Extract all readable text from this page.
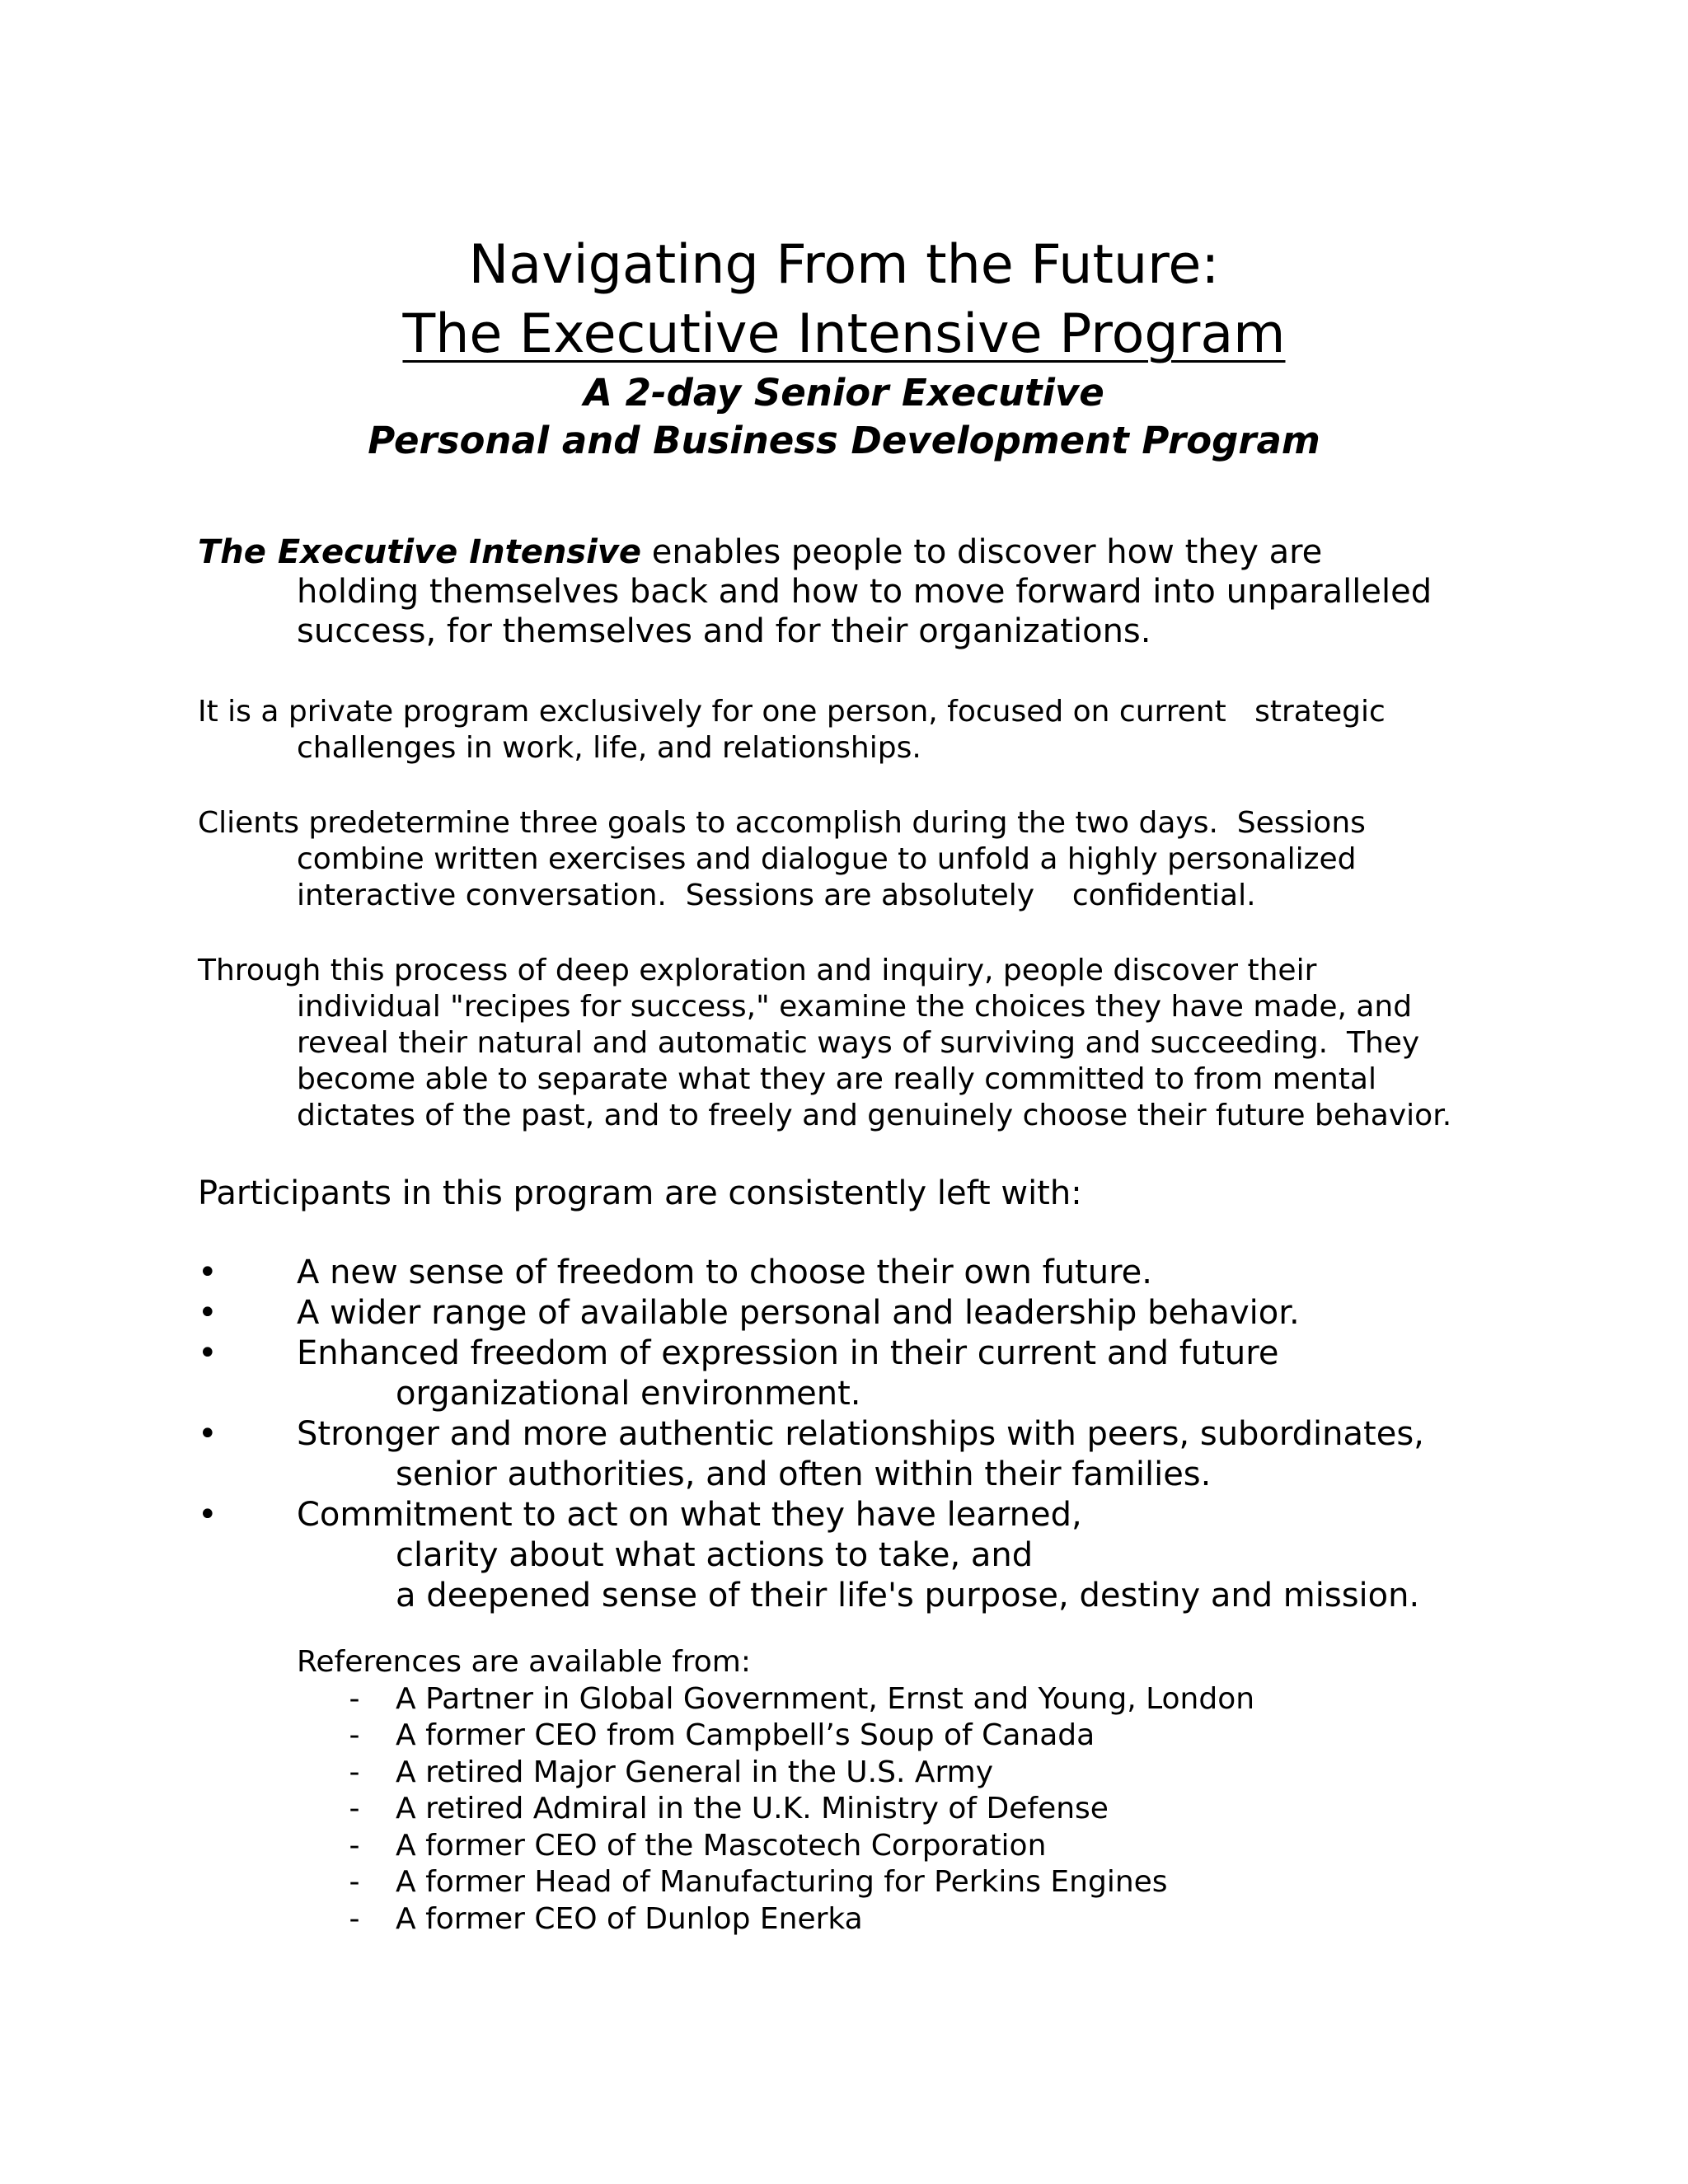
Navigating From the Future:
The Executive Intensive Program
A 2-day Senior Executive
Personal and Business Development Program
The Executive Intensive enables people to discover how they are
holding themselves back and how to move forward into unparalleled
success, for themselves and for their organizations.
It is a private program exclusively for one person, focused on current   strategic
challenges in work, life, and relationships.
Clients predetermine three goals to accomplish during the two days.  Sessions
combine written exercises and dialogue to unfold a highly personalized
interactive conversation.  Sessions are absolutely    confidential.
Through this process of deep exploration and inquiry, people discover their
individual "recipes for success," examine the choices they have made, and
reveal their natural and automatic ways of surviving and succeeding.  They
become able to separate what they are really committed to from mental
dictates of the past, and to freely and genuinely choose their future behavior.
Participants in this program are consistently left with:
•	A new sense of freedom to choose their own future.
•	A wider range of available personal and leadership behavior.
•	Enhanced freedom of expression in their current and future
organizational environment.
•	Stronger and more authentic relationships with peers, subordinates,
senior authorities, and often within their families.
•	Commitment to act on what they have learned,
clarity about what actions to take, and
a deepened sense of their life's purpose, destiny and mission.
References are available from:
-	A Partner in Global Government, Ernst and Young, London
-	A former CEO from Campbell’s Soup of Canada
-	A retired Major General in the U.S. Army
-	A retired Admiral in the U.K. Ministry of Defense
-	A former CEO of the Mascotech Corporation
-	A former Head of Manufacturing for Perkins Engines
-	A former CEO of Dunlop Enerka
